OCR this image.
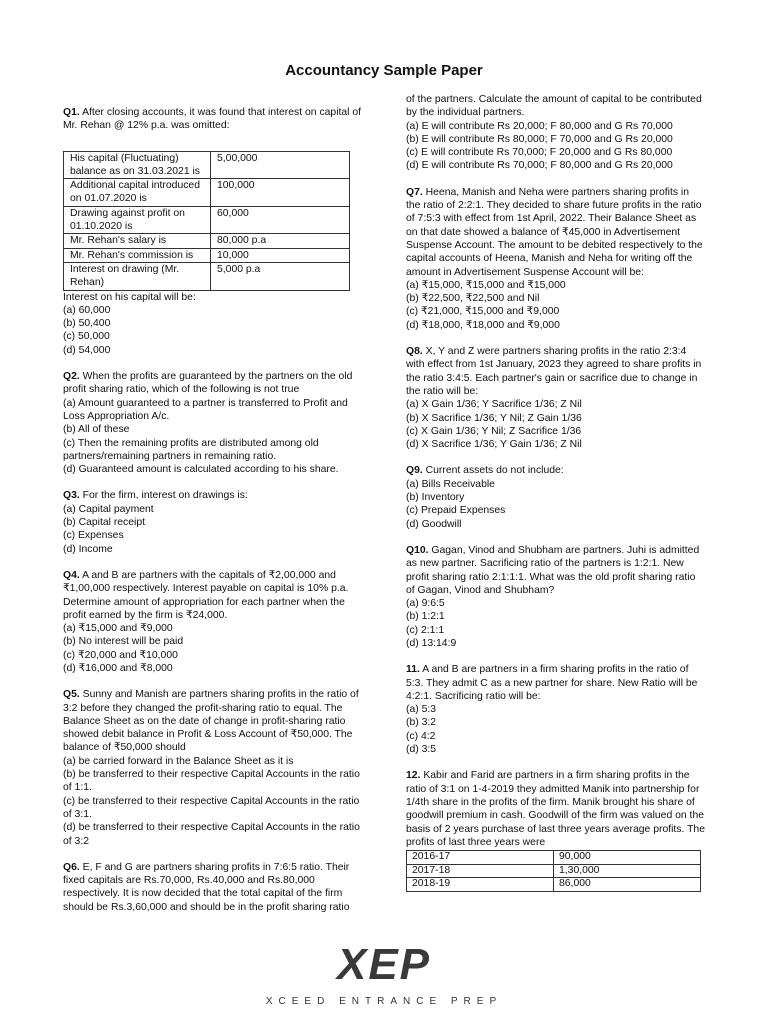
Accountancy Sample Paper

Q1. After closing accounts, it was found that interest on capital of Mr. Rehan @ 12% p.a. was omitted:

His capital (Fluctuating) balance as on 31.03.2021 is	5,00,000
Additional capital introduced on 01.07.2020 is	100,000
Drawing against profit on 01.10.2020 is	60,000
Mr. Rehan's salary is	80,000 p.a
Mr. Rehan's commission is	10,000
Interest on drawing (Mr. Rehan)	5,000 p.a

Interest on his capital will be:

(a) 60,000

(b) 50,400

(c) 50,000

(d) 54,000

Q2. When the profits are guaranteed by the partners on the old profit sharing ratio, which of the following is not true

(a) Amount guaranteed to a partner is transferred to Profit and Loss Appropriation A/c.

(b) All of these

(c) Then the remaining profits are distributed among old partners/remaining partners in remaining ratio.

(d) Guaranteed amount is calculated according to his share.

Q3. For the firm, interest on drawings is:

(a) Capital payment

(b) Capital receipt

(c) Expenses

(d) Income

Q4. A and B are partners with the capitals of ₹2,00,000 and ₹1,00,000 respectively. Interest payable on capital is 10% p.a. Determine amount of appropriation for each partner when the profit earned by the firm is ₹24,000.

(a) ₹15,000 and ₹9,000

(b) No interest will be paid

(c) ₹20,000 and ₹10,000

(d) ₹16,000 and ₹8,000

Q5. Sunny and Manish are partners sharing profits in the ratio of 3:2 before they changed the profit-sharing ratio to equal. The Balance Sheet as on the date of change in profit-sharing ratio showed debit balance in Profit & Loss Account of ₹50,000. The balance of ₹50,000 should

(a) be carried forward in the Balance Sheet as it is

(b) be transferred to their respective Capital Accounts in the ratio of 1:1.

(c) be transferred to their respective Capital Accounts in the ratio of 3:1.

(d) be transferred to their respective Capital Accounts in the ratio of 3:2

Q6. E, F and G are partners sharing profits in 7:6:5 ratio. Their fixed capitals are Rs.70,000, Rs.40,000 and Rs.80,000 respectively. It is now decided that the total capital of the firm should be Rs.3,60,000 and should be in the profit sharing ratio

of the partners. Calculate the amount of capital to be contributed by the individual partners.

(a) E will contribute Rs 20,000; F 80,000 and G Rs 70,000

(b) E will contribute Rs 80,000; F 70,000 and G Rs 20,000

(c) E will contribute Rs 70,000; F 20,000 and G Rs 80,000

(d) E will contribute Rs 70,000; F 80,000 and G Rs 20,000

Q7. Heena, Manish and Neha were partners sharing profits in the ratio of 2:2:1. They decided to share future profits in the ratio of 7:5:3 with effect from 1st April, 2022. Their Balance Sheet as on that date showed a balance of ₹45,000 in Advertisement Suspense Account. The amount to be debited respectively to the capital accounts of Heena, Manish and Neha for writing off the amount in Advertisement Suspense Account will be:

(a) ₹15,000, ₹15,000 and ₹15,000

(b) ₹22,500, ₹22,500 and Nil

(c) ₹21,000, ₹15,000 and ₹9,000

(d) ₹18,000, ₹18,000 and ₹9,000

Q8. X, Y and Z were partners sharing profits in the ratio 2:3:4 with effect from 1st January, 2023 they agreed to share profits in the ratio 3:4:5. Each partner's gain or sacrifice due to change in the ratio will be:

(a) X Gain 1/36; Y Sacrifice 1/36; Z Nil

(b) X Sacrifice 1/36; Y Nil; Z Gain 1/36

(c) X Gain 1/36; Y Nil; Z Sacrifice 1/36

(d) X Sacrifice 1/36; Y Gain 1/36; Z Nil

Q9. Current assets do not include:

(a) Bills Receivable

(b) Inventory

(c) Prepaid Expenses

(d) Goodwill

Q10. Gagan, Vinod and Shubham are partners. Juhi is admitted as new partner. Sacrificing ratio of the partners is 1:2:1. New profit sharing ratio 2:1:1:1. What was the old profit sharing ratio of Gagan, Vinod and Shubham?

(a) 9:6:5

(b) 1:2:1

(c) 2:1:1

(d) 13:14:9

11. A and B are partners in a firm sharing profits in the ratio of 5:3. They admit C as a new partner for share. New Ratio will be 4:2:1. Sacrificing ratio will be:

(a) 5:3

(b) 3:2

(c) 4:2

(d) 3:5

12. Kabir and Farid are partners in a firm sharing profits in the ratio of 3:1 on 1-4-2019 they admitted Manik into partnership for 1/4th share in the profits of the firm. Manik brought his share of goodwill premium in cash. Goodwill of the firm was valued on the basis of 2 years purchase of last three years average profits. The profits of last three years were

2016-17	90,000
2017-18	1,30,000
2018-19	86,000
XEP
XCEED ENTRANCE PREP
